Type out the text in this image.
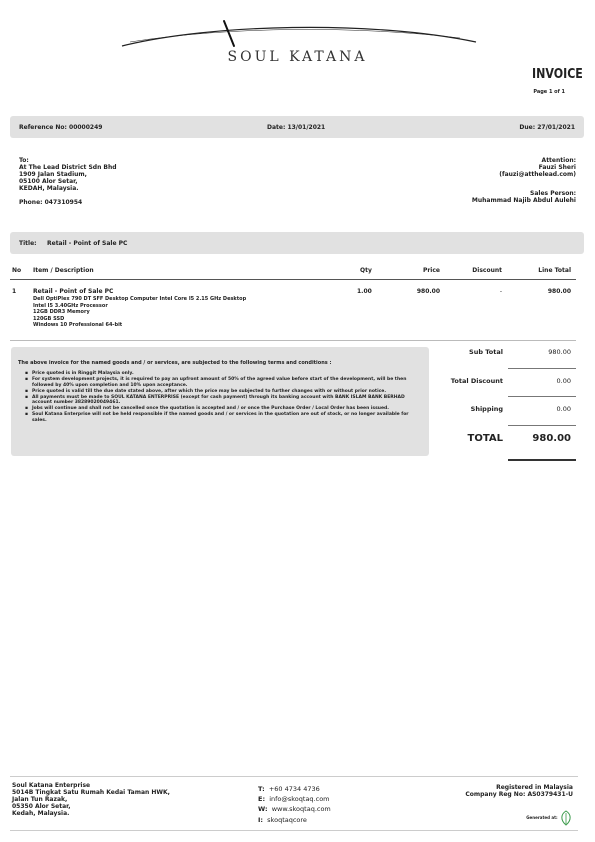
SOUL KATANA
INVOICE
Page 1 of 1
Reference No: 00000249	Date: 13/01/2021	Due: 27/01/2021
To:
At The Lead District Sdn Bhd
1909 Jalan Stadium,
05100 Alor Setar,
KEDAH, Malaysia.
Phone: 047310954
Attention:
Fauzi Sheri
(fauzi@atthelead.com)
Sales Person:
Muhammad Najib Abdul Aulehi
Title: Retail - Point of Sale PC
No Item / Description	Qty	Price	Discount	Line Total
1	Retail - Point of Sale PC	1.00	980.00	-	980.00
Dell OptiPlex 790 DT SFF Desktop Computer Intel Core I5 2.15 GHz Desktop
Intel I5 3.40GHz Processor
12GB DDR3 Memory
120GB SSD
Windows 10 Professional 64-bit
The above invoice for the named goods and / or services, are subjected to the following terms and conditions :
▪ Price quoted is in Ringgit Malaysia only.
▪ For system development projects, it is required to pay an upfront amount of 50% of the agreed value before start of the development, will be then followed by 40% upon completion and 10% upon acceptance.
▪ Price quoted is valid till the due date stated above, after which the price may be subjected to further changes with or without prior notice.
▪ All payments must be made to SOUL KATANA ENTERPRISE (except for cash payment) through its banking account with BANK ISLAM BANK BERHAD account number 38289020049461.
▪ Jobs will continue and shall not be cancelled once the quotation is accepted and / or once the Purchase Order / Local Order has been issued.
▪ Soul Katana Enterprise will not be held responsible if the named goods and / or services in the quotation are out of stock, or no longer available for sales.
Sub Total	980.00
Total Discount	0.00
Shipping	0.00
TOTAL	980.00
Soul Katana Enterprise
5014B Tingkat Satu Rumah Kedai Taman HWK,
Jalan Tun Razak,
05350 Alor Setar,
Kedah, Malaysia.
T: +60 4734 4736
E: info@skoqtaq.com
W: www.skoqtaq.com
I: skoqtaqcore
Registered in Malaysia
Company Reg No: AS0379431-U
Generated at:
